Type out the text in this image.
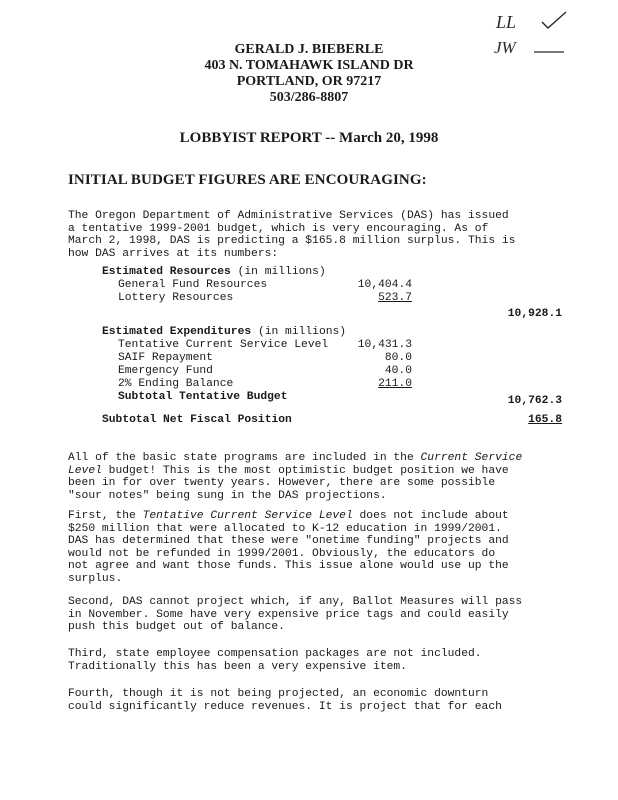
LL
JW
GERALD J. BIEBERLE
403 N. TOMAHAWK ISLAND DR
PORTLAND, OR 97217
503/286-8807
LOBBYIST REPORT -- March 20, 1998
INITIAL BUDGET FIGURES ARE ENCOURAGING:
The Oregon Department of Administrative Services (DAS) has issued
a tentative 1999-2001 budget, which is very encouraging. As of
March 2, 1998, DAS is predicting a $165.8 million surplus. This is
how DAS arrives at its numbers:
Estimated Resources (in millions)
General Fund Resources	10,404.4
Lottery Resources	523.7
10,928.1
Estimated Expenditures (in millions)
Tentative Current Service Level	10,431.3
SAIF Repayment	80.0
Emergency Fund	40.0
2% Ending Balance	211.0
Subtotal Tentative Budget	10,762.3
Subtotal Net Fiscal Position	165.8
All of the basic state programs are included in the Current Service
Level budget! This is the most optimistic budget position we have
been in for over twenty years. However, there are some possible
"sour notes" being sung in the DAS projections.
First, the Tentative Current Service Level does not include about
$250 million that were allocated to K-12 education in 1999/2001.
DAS has determined that these were "onetime funding" projects and
would not be refunded in 1999/2001. Obviously, the educators do
not agree and want those funds. This issue alone would use up the
surplus.
Second, DAS cannot project which, if any, Ballot Measures will pass
in November. Some have very expensive price tags and could easily
push this budget out of balance.
Third, state employee compensation packages are not included.
Traditionally this has been a very expensive item.
Fourth, though it is not being projected, an economic downturn
could significantly reduce revenues. It is project that for each
